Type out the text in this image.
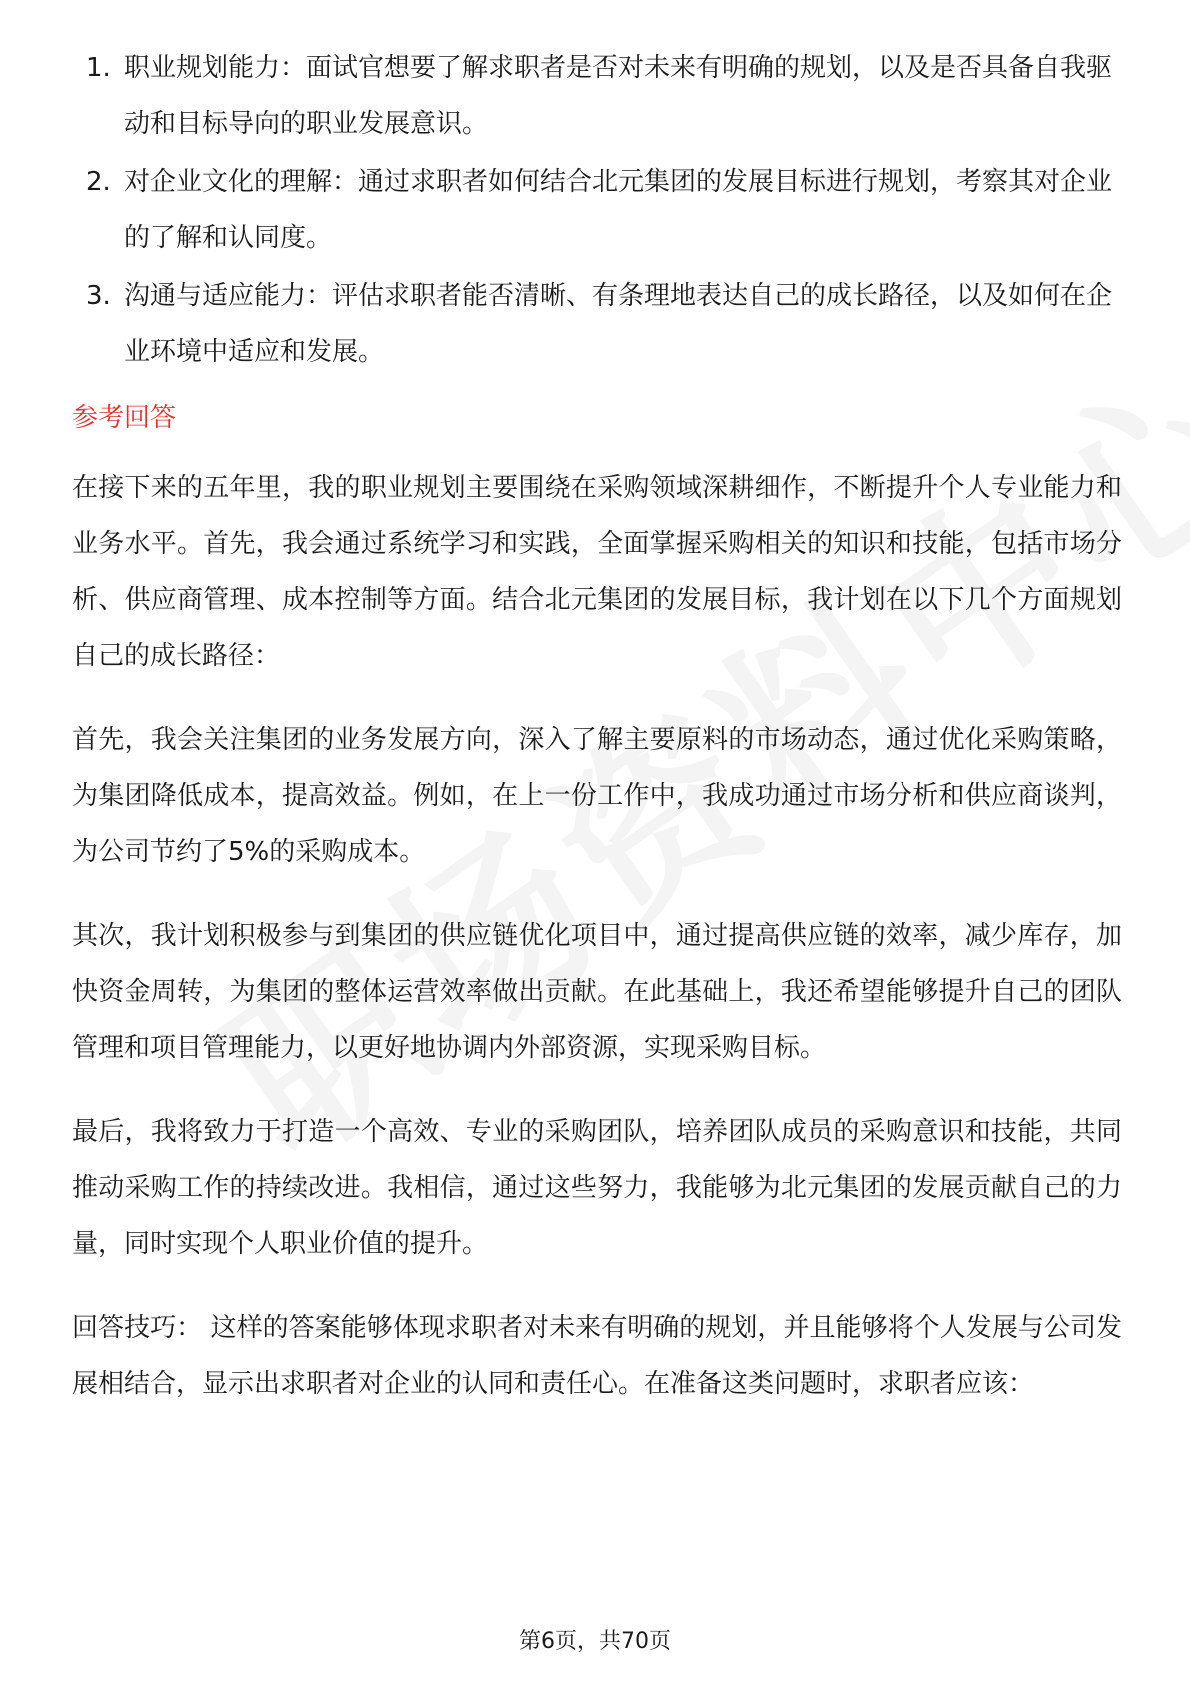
1. 职业规划能力：面试官想要了解求职者是否对未来有明确的规划，以及是否具备自我驱动和目标导向的职业发展意识。
2. 对企业文化的理解：通过求职者如何结合北元集团的发展目标进行规划，考察其对企业的了解和认同度。
3. 沟通与适应能力：评估求职者能否清晰、有条理地表达自己的成长路径，以及如何在企业环境中适应和发展。
参考回答

在接下来的五年里，我的职业规划主要围绕在采购领域深耕细作，不断提升个人专业能力和业务水平。首先，我会通过系统学习和实践，全面掌握采购相关的知识和技能，包括市场分析、供应商管理、成本控制等方面。结合北元集团的发展目标，我计划在以下几个方面规划自己的成长路径：

首先，我会关注集团的业务发展方向，深入了解主要原料的市场动态，通过优化采购策略，为集团降低成本，提高效益。例如，在上一份工作中，我成功通过市场分析和供应商谈判，为公司节约了5%的采购成本。

其次，我计划积极参与到集团的供应链优化项目中，通过提高供应链的效率，减少库存，加快资金周转，为集团的整体运营效率做出贡献。在此基础上，我还希望能够提升自己的团队管理和项目管理能力，以更好地协调内外部资源，实现采购目标。

最后，我将致力于打造一个高效、专业的采购团队，培养团队成员的采购意识和技能，共同推动采购工作的持续改进。我相信，通过这些努力，我能够为北元集团的发展贡献自己的力量，同时实现个人职业价值的提升。

回答技巧： 这样的答案能够体现求职者对未来有明确的规划，并且能够将个人发展与公司发展相结合，显示出求职者对企业的认同和责任心。在准备这类问题时，求职者应该：

第6页，共70页
